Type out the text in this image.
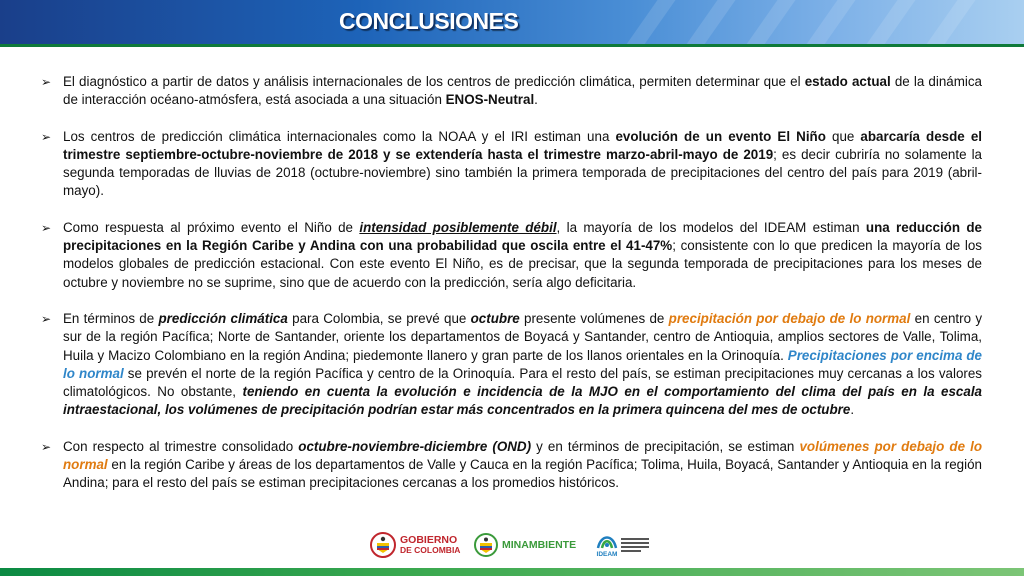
CONCLUSIONES
➢ El diagnóstico a partir de datos y análisis internacionales de los centros de predicción climática, permiten determinar que el estado actual de la dinámica de interacción océano-atmósfera, está asociada a una situación ENOS-Neutral.
➢ Los centros de predicción climática internacionales como la NOAA y el IRI estiman una evolución de un evento El Niño que abarcaría desde el trimestre septiembre-octubre-noviembre de 2018 y se extendería hasta el trimestre marzo-abril-mayo de 2019; es decir cubriría no solamente la segunda temporadas de lluvias de 2018 (octubre-noviembre) sino también la primera temporada de precipitaciones del centro del país para 2019 (abril-mayo).
➢ Como respuesta al próximo evento el Niño de intensidad posiblemente débil, la mayoría de los modelos del IDEAM estiman una reducción de precipitaciones en la Región Caribe y Andina con una probabilidad que oscila entre el 41-47%; consistente con lo que predicen la mayoría de los modelos globales de predicción estacional. Con este evento El Niño, es de precisar, que la segunda temporada de precipitaciones para los meses de octubre y noviembre no se suprime, sino que de acuerdo con la predicción, sería algo deficitaria.
➢ En términos de predicción climática para Colombia, se prevé que octubre presente volúmenes de precipitación por debajo de lo normal en centro y sur de la región Pacífica; Norte de Santander, oriente los departamentos de Boyacá y Santander, centro de Antioquia, amplios sectores de Valle, Tolima, Huila y Macizo Colombiano en la región Andina; piedemonte llanero y gran parte de los llanos orientales en la Orinoquía. Precipitaciones por encima de lo normal se prevén el norte de la región Pacífica y centro de la Orinoquía. Para el resto del país, se estiman precipitaciones muy cercanas a los valores climatológicos. No obstante, teniendo en cuenta la evolución e incidencia de la MJO en el comportamiento del clima del país en la escala intraestacional, los volúmenes de precipitación podrían estar más concentrados en la primera quincena del mes de octubre.
➢ Con respecto al trimestre consolidado octubre-noviembre-diciembre (OND) y en términos de precipitación, se estiman volúmenes por debajo de lo normal en la región Caribe y áreas de los departamentos de Valle y Cauca en la región Pacífica; Tolima, Huila, Boyacá, Santander y Antioquia en la región Andina; para el resto del país se estiman precipitaciones cercanas a los promedios históricos.
GOBIERNO
DE COLOMBIA	MINAMBIENTE
IDEAM
